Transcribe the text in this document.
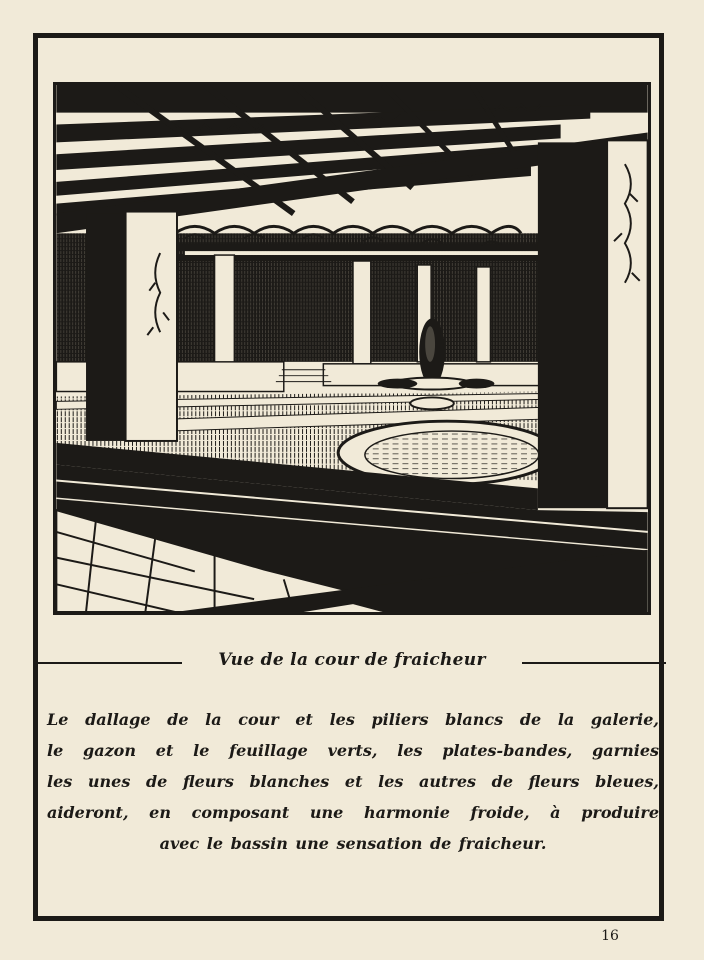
Vue de la cour de fraicheur
Le dallage de la cour et les piliers blancs de la galerie,
le gazon et le feuillage verts, les plates-bandes, garnies
les unes de fleurs blanches et les autres de fleurs bleues,
aideront, en composant une harmonie froide, à produire
avec le bassin une sensation de fraicheur.
16
